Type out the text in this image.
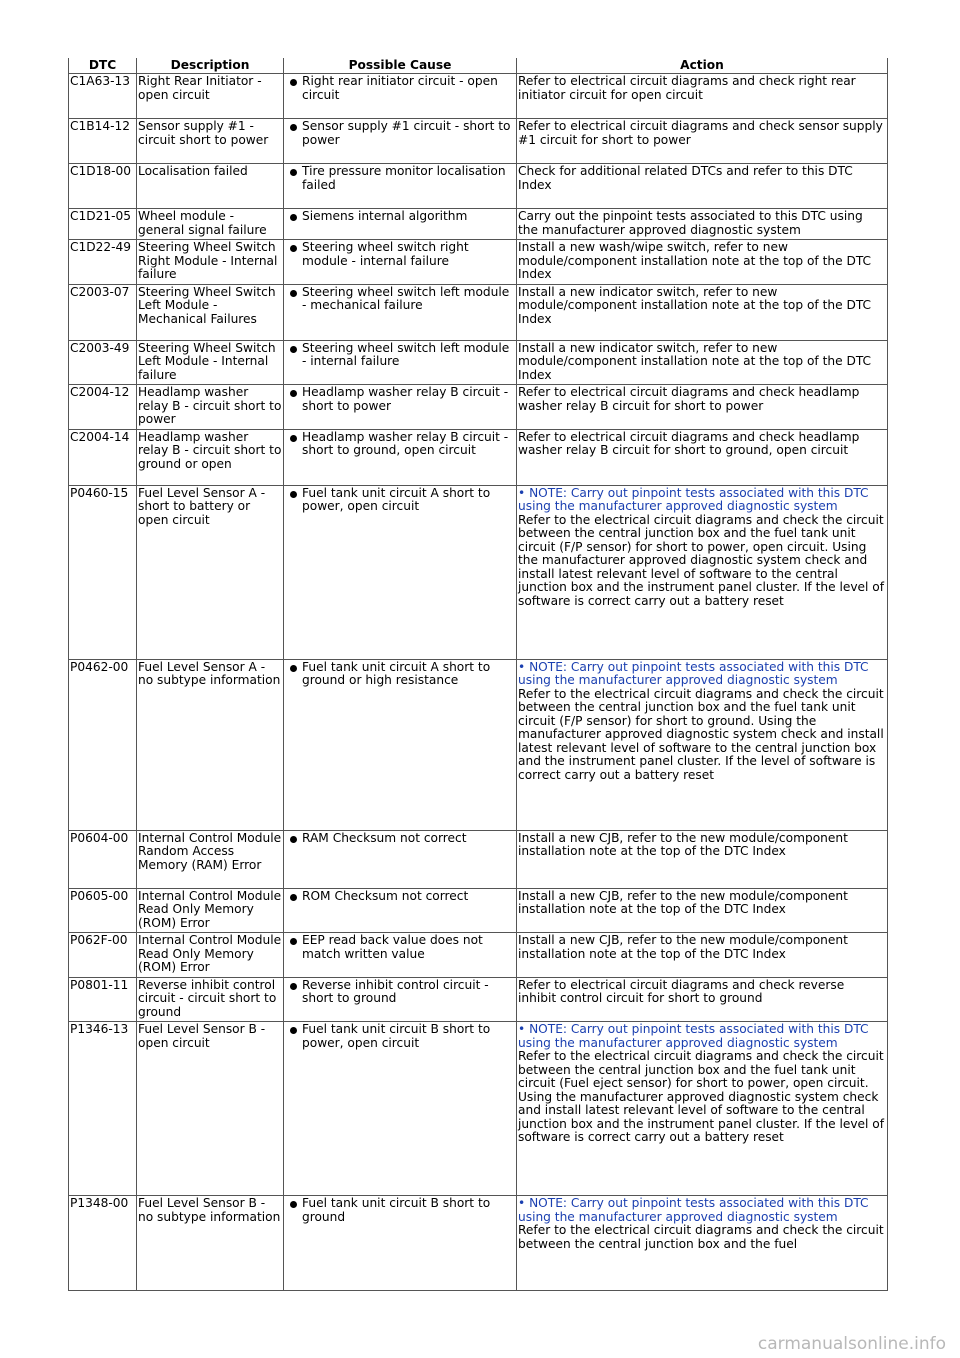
DTC	Description	Possible Cause	Action
C1A63-13	Right Rear Initiator - open circuit	Right rear initiator circuit - open circuit	Refer to electrical circuit diagrams and check right rear initiator circuit for open circuit

C1B14-12	Sensor supply #1 - circuit short to power	Sensor supply #1 circuit - short to power	Refer to electrical circuit diagrams and check sensor supply #1 circuit for short to power

C1D18-00	Localisation failed	Tire pressure monitor localisation failed	Check for additional related DTCs and refer to this DTC Index

C1D21-05	Wheel module - general signal failure	Siemens internal algorithm	Carry out the pinpoint tests associated to this DTC using the manufacturer approved diagnostic system

C1D22-49	Steering Wheel Switch Right Module - Internal failure	Steering wheel switch right module - internal failure	Install a new wash/wipe switch, refer to new module/component installation note at the top of the DTC Index

C2003-07	Steering Wheel Switch Left Module - Mechanical Failures	Steering wheel switch left module - mechanical failure	Install a new indicator switch, refer to new module/component installation note at the top of the DTC Index

C2003-49	Steering Wheel Switch Left Module - Internal failure	Steering wheel switch left module - internal failure	Install a new indicator switch, refer to new module/component installation note at the top of the DTC Index

C2004-12	Headlamp washer relay B - circuit short to power	Headlamp washer relay B circuit - short to power	Refer to electrical circuit diagrams and check headlamp washer relay B circuit for short to power

C2004-14	Headlamp washer relay B - circuit short to ground or open	Headlamp washer relay B circuit - short to ground, open circuit	Refer to electrical circuit diagrams and check headlamp washer relay B circuit for short to ground, open circuit

P0460-15	Fuel Level Sensor A - short to battery or open circuit	Fuel tank unit circuit A short to power, open circuit	• NOTE: Carry out pinpoint tests associated with this DTC using the manufacturer approved diagnostic system

Refer to the electrical circuit diagrams and check the circuit between the central junction box and the fuel tank unit circuit (F/P sensor) for short to power, open circuit. Using the manufacturer approved diagnostic system check and install latest relevant level of software to the central junction box and the instrument panel cluster. If the level of software is correct carry out a battery reset

P0462-00	Fuel Level Sensor A - no subtype information	Fuel tank unit circuit A short to ground or high resistance	• NOTE: Carry out pinpoint tests associated with this DTC using the manufacturer approved diagnostic system

Refer to the electrical circuit diagrams and check the circuit between the central junction box and the fuel tank unit circuit (F/P sensor) for short to ground. Using the manufacturer approved diagnostic system check and install latest relevant level of software to the central junction box and the instrument panel cluster. If the level of software is correct carry out a battery reset

P0604-00	Internal Control Module Random Access Memory (RAM) Error	RAM Checksum not correct	Install a new CJB, refer to the new module/component installation note at the top of the DTC Index

P0605-00	Internal Control Module Read Only Memory (ROM) Error	ROM Checksum not correct	Install a new CJB, refer to the new module/component installation note at the top of the DTC Index

P062F-00	Internal Control Module Read Only Memory (ROM) Error	EEP read back value does not match written value	Install a new CJB, refer to the new module/component installation note at the top of the DTC Index

P0801-11	Reverse inhibit control circuit - circuit short to ground	Reverse inhibit control circuit - short to ground	Refer to electrical circuit diagrams and check reverse inhibit control circuit for short to ground

P1346-13	Fuel Level Sensor B - open circuit	Fuel tank unit circuit B short to power, open circuit	• NOTE: Carry out pinpoint tests associated with this DTC using the manufacturer approved diagnostic system

Refer to the electrical circuit diagrams and check the circuit between the central junction box and the fuel tank unit circuit (Fuel eject sensor) for short to power, open circuit. Using the manufacturer approved diagnostic system check and install latest relevant level of software to the central junction box and the instrument panel cluster. If the level of software is correct carry out a battery reset

P1348-00	Fuel Level Sensor B - no subtype information	Fuel tank unit circuit B short to ground	• NOTE: Carry out pinpoint tests associated with this DTC using the manufacturer approved diagnostic system

Refer to the electrical circuit diagrams and check the circuit between the central junction box and the fuel

carmanualsonline.info
